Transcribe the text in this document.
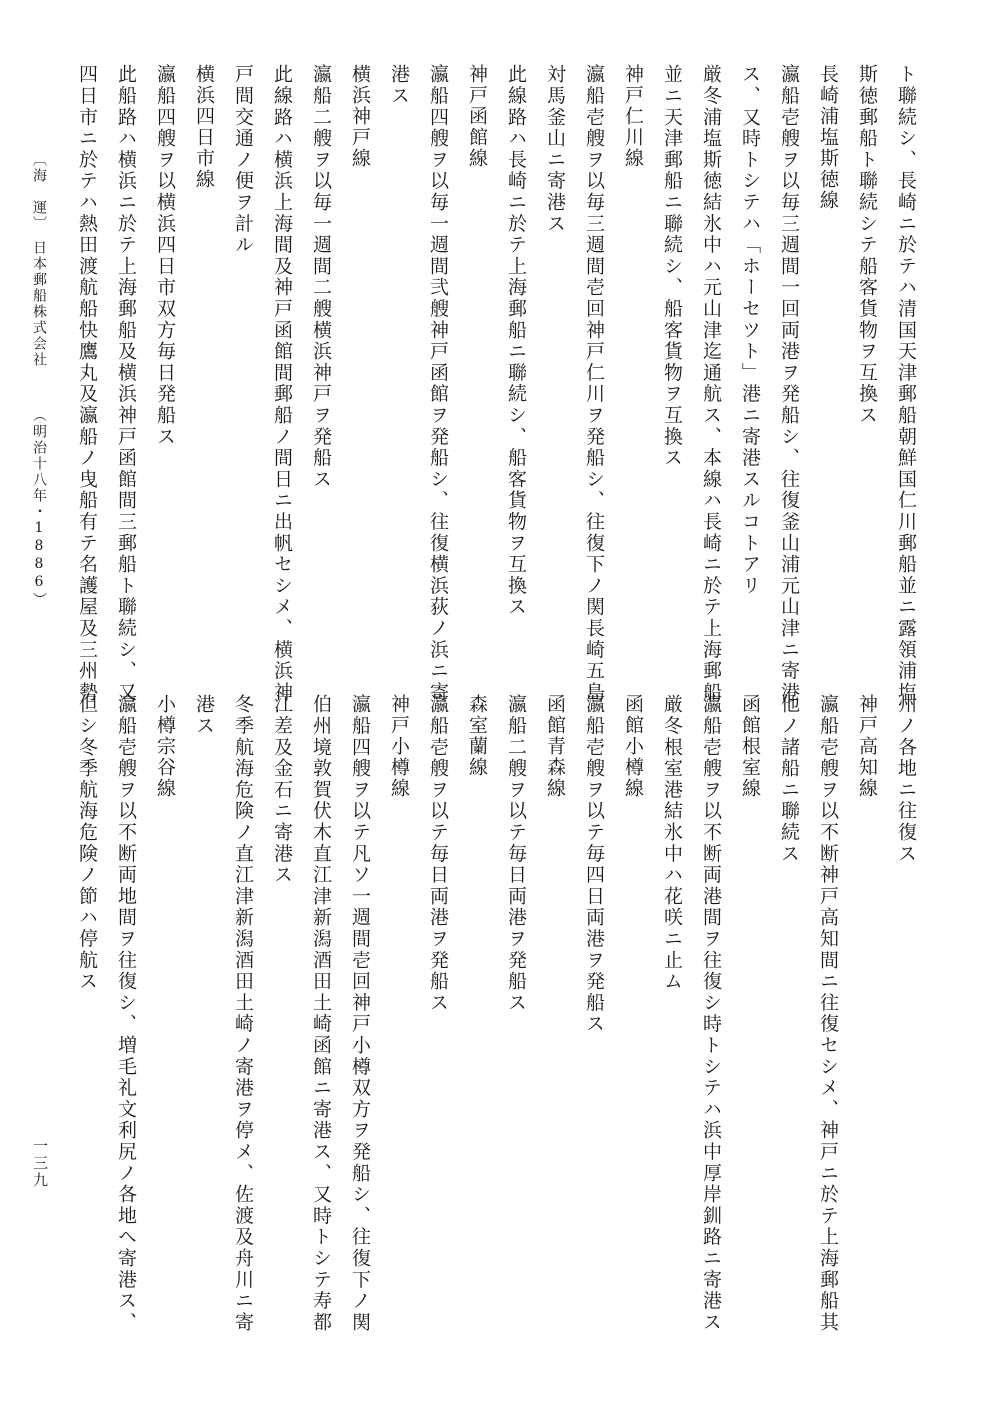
ト聯続シ、長崎ニ於テハ清国天津郵船朝鮮国仁川郵船並ニ露領浦塩
斯徳郵船ト聯続シテ船客貨物ヲ互換ス
長崎浦塩斯徳線
瀛船壱艘ヲ以毎三週間一回両港ヲ発船シ、往復釜山浦元山津ニ寄港
ス、又時トシテハ「ホーセツト」港ニ寄港スルコトアリ
厳冬浦塩斯徳結氷中ハ元山津迄通航ス、本線ハ長崎ニ於テ上海郵船
並ニ天津郵船ニ聯続シ、船客貨物ヲ互換ス
神戸仁川線
瀛船壱艘ヲ以毎三週間壱回神戸仁川ヲ発船シ、往復下ノ関長崎五島
対馬釜山ニ寄港ス
此線路ハ長崎ニ於テ上海郵船ニ聯続シ、船客貨物ヲ互換ス
神戸函館線
瀛船四艘ヲ以毎一週間弐艘神戸函館ヲ発船シ、往復横浜荻ノ浜ニ寄
港ス
横浜神戸線
瀛船二艘ヲ以毎一週間二艘横浜神戸ヲ発船ス
此線路ハ横浜上海間及神戸函館間郵船ノ間日ニ出帆セシメ、横浜神
戸間交通ノ便ヲ計ル
横浜四日市線
瀛船四艘ヲ以横浜四日市双方毎日発船ス
此船路ハ横浜ニ於テ上海郵船及横浜神戸函館間三郵船ト聯続シ、又
四日市ニ於テハ熱田渡航船快鷹丸及瀛船ノ曳船有テ名護屋及三州勢
州ノ各地ニ往復ス
神戸高知線
瀛船壱艘ヲ以不断神戸高知間ニ往復セシメ、神戸ニ於テ上海郵船其
他ノ諸船ニ聯続ス
函館根室線
瀛船壱艘ヲ以不断両港間ヲ往復シ時トシテハ浜中厚岸釧路ニ寄港ス
厳冬根室港結氷中ハ花咲ニ止ム
函館小樽線
瀛船壱艘ヲ以テ毎四日両港ヲ発船ス
函館青森線
瀛船二艘ヲ以テ毎日両港ヲ発船ス
森室蘭線
瀛船壱艘ヲ以テ毎日両港ヲ発船ス
神戸小樽線
瀛船四艘ヲ以テ凡ソ一週間壱回神戸小樽双方ヲ発船シ、往復下ノ関
伯州境敦賀伏木直江津新潟酒田土崎函館ニ寄港ス、又時トシテ寿都
江差及金石ニ寄港ス
冬季航海危険ノ直江津新潟酒田土崎ノ寄港ヲ停メ、佐渡及舟川ニ寄
港ス
小樽宗谷線
瀛船壱艘ヲ以不断両地間ヲ往復シ、増毛礼文利尻ノ各地へ寄港ス、
但シ冬季航海危険ノ節ハ停航ス
〔海　運〕
日本郵船株式会社
（明治十八年・1886）
一三九
